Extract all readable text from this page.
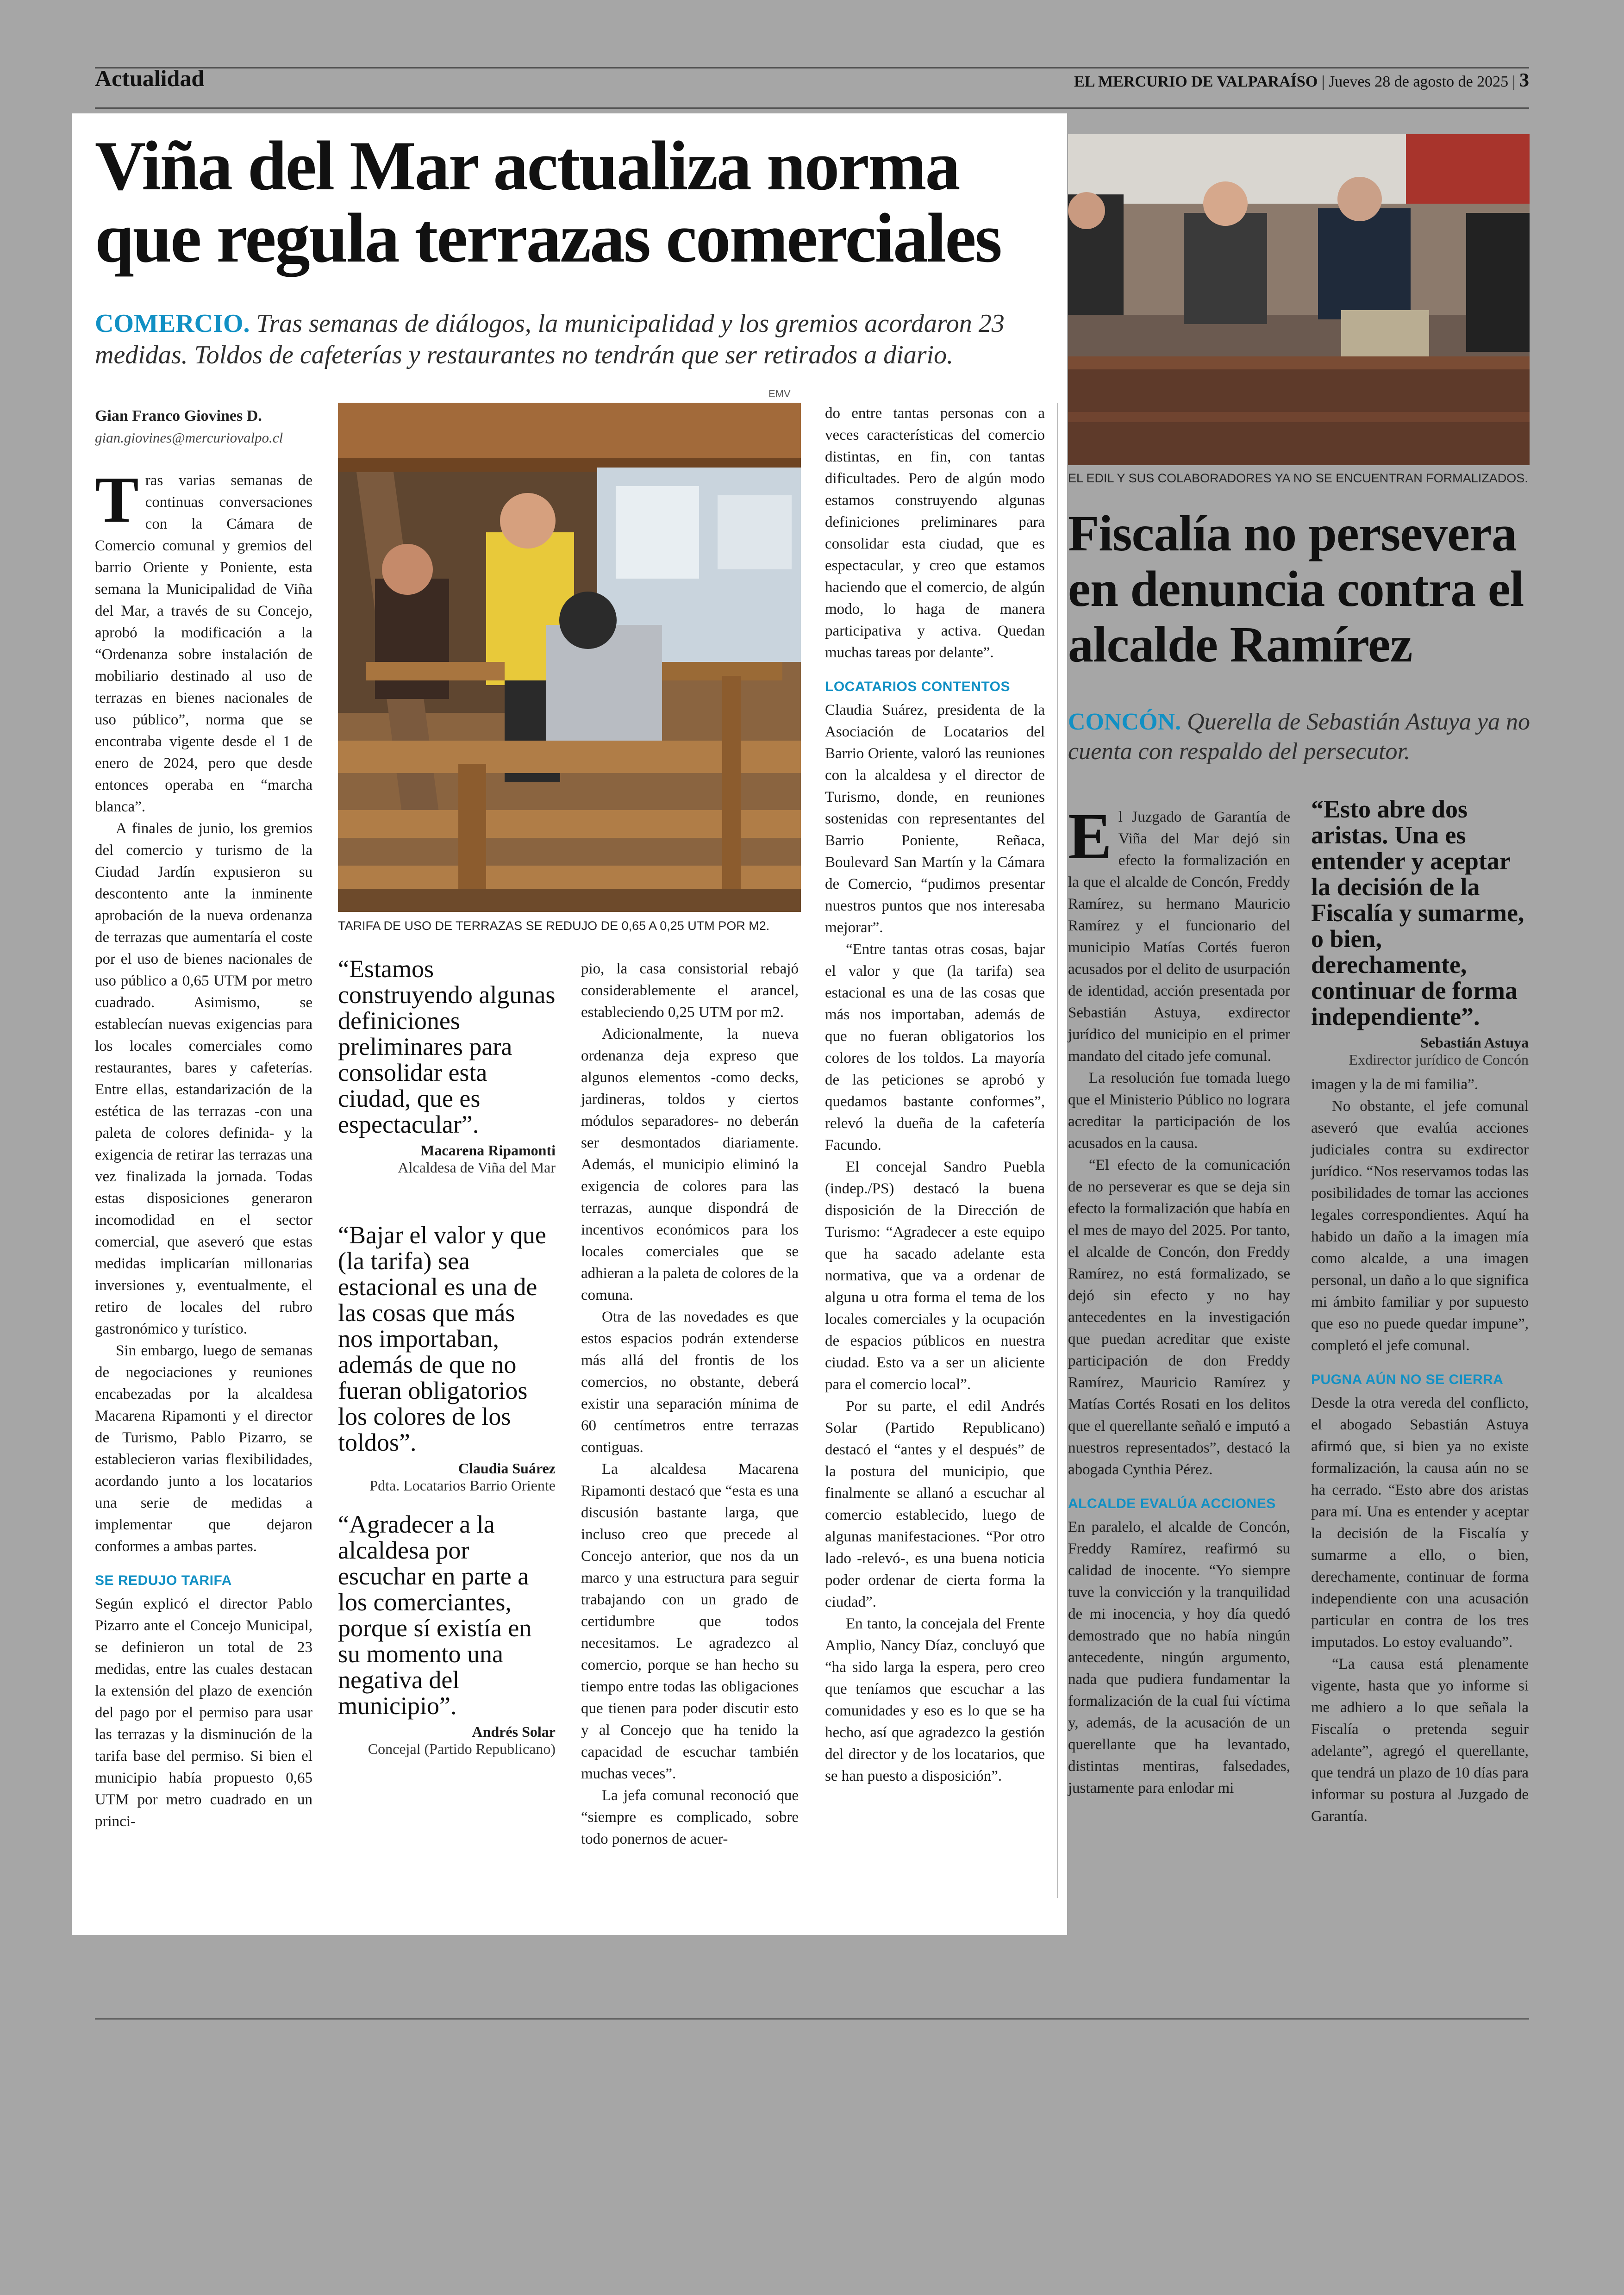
Actualidad	EL MERCURIO DE VALPARAÍSO | Jueves 28 de agosto de 2025 | 3
Viña del Mar actualiza norma que regula terrazas comerciales
COMERCIO. Tras semanas de diálogos, la municipalidad y los gremios acordaron 23 medidas. Toldos de cafeterías y restaurantes no tendrán que ser retirados a diario.
Gian Franco Giovines D.
gian.giovines@mercuriovalpo.cl

Tras varias semanas de continuas conversaciones con la Cámara de Comercio comunal y gremios del barrio Oriente y Poniente, esta semana la Municipalidad de Viña del Mar, a través de su Concejo, aprobó la modificación a la “Ordenanza sobre instalación de mobiliario destinado al uso de terrazas en bienes nacionales de uso público”, norma que se encontraba vigente desde el 1 de enero de 2024, pero que desde entonces operaba en “marcha blanca”.

A finales de junio, los gremios del comercio y turismo de la Ciudad Jardín expusieron su descontento ante la inminente aprobación de la nueva ordenanza de terrazas que aumentaría el coste por el uso de bienes nacionales de uso público a 0,65 UTM por metro cuadrado. Asimismo, se establecían nuevas exigencias para los locales comerciales como restaurantes, bares y cafeterías. Entre ellas, estandarización de la estética de las terrazas -con una paleta de colores definida- y la exigencia de retirar las terrazas una vez finalizada la jornada. Todas estas disposiciones generaron incomodidad en el sector comercial, que aseveró que estas medidas implicarían millonarias inversiones y, eventualmente, el retiro de locales del rubro gastronómico y turístico.

Sin embargo, luego de semanas de negociaciones y reuniones encabezadas por la alcaldesa Macarena Ripamonti y el director de Turismo, Pablo Pizarro, se establecieron varias flexibilidades, acordando junto a los locatarios una serie de medidas a implementar que dejaron conformes a ambas partes.

SE REDUJO TARIFA

Según explicó el director Pablo Pizarro ante el Concejo Municipal, se definieron un total de 23 medidas, entre las cuales destacan la extensión del plazo de exención del pago por el permiso para usar las terrazas y la disminución de la tarifa base del permiso. Si bien el municipio había propuesto 0,65 UTM por metro cuadrado en un princi-

EMV
TARIFA DE USO DE TERRAZAS SE REDUJO DE 0,65 A 0,25 UTM POR M2.
“Estamos construyendo algunas definiciones preliminares para consolidar esta ciudad, que es espectacular”.
Macarena Ripamonti
Alcaldesa de Viña del Mar
“Bajar el valor y que (la tarifa) sea estacional es una de las cosas que más nos importaban, además de que no fueran obligatorios los colores de los toldos”.
Claudia Suárez
Pdta. Locatarios Barrio Oriente
“Agradecer a la alcaldesa por escuchar en parte a los comerciantes, porque sí existía en su momento una negativa del municipio”.
Andrés Solar
Concejal (Partido Republicano)

pio, la casa consistorial rebajó considerablemente el arancel, estableciendo 0,25 UTM por m2.

Adicionalmente, la nueva ordenanza deja expreso que algunos elementos -como decks, jardineras, toldos y ciertos módulos separadores- no deberán ser desmontados diariamente. Además, el municipio eliminó la exigencia de colores para las terrazas, aunque dispondrá de incentivos económicos para los locales comerciales que se adhieran a la paleta de colores de la comuna.

Otra de las novedades es que estos espacios podrán extenderse más allá del frontis de los comercios, no obstante, deberá existir una separación mínima de 60 centímetros entre terrazas contiguas.

La alcaldesa Macarena Ripamonti destacó que “esta es una discusión bastante larga, que incluso creo que precede al Concejo anterior, que nos da un marco y una estructura para seguir trabajando con un grado de certidumbre que todos necesitamos. Le agradezco al comercio, porque se han hecho su tiempo entre todas las obligaciones que tienen para poder discutir esto y al Concejo que ha tenido la capacidad de escuchar también muchas veces”.

La jefa comunal reconoció que “siempre es complicado, sobre todo ponernos de acuer-

do entre tantas personas con a veces características del comercio distintas, en fin, con tantas dificultades. Pero de algún modo estamos construyendo algunas definiciones preliminares para consolidar esta ciudad, que es espectacular, y creo que estamos haciendo que el comercio, de algún modo, lo haga de manera participativa y activa. Quedan muchas tareas por delante”.

LOCATARIOS CONTENTOS

Claudia Suárez, presidenta de la Asociación de Locatarios del Barrio Oriente, valoró las reuniones con la alcaldesa y el director de Turismo, donde, en reuniones sostenidas con representantes del Barrio Poniente, Reñaca, Boulevard San Martín y la Cámara de Comercio, “pudimos presentar nuestros puntos que nos interesaba mejorar”.

“Entre tantas otras cosas, bajar el valor y que (la tarifa) sea estacional es una de las cosas que más nos importaban, además de que no fueran obligatorios los colores de los toldos. La mayoría de las peticiones se aprobó y quedamos bastante conformes”, relevó la dueña de la cafetería Facundo.

El concejal Sandro Puebla (indep./PS) destacó la buena disposición de la Dirección de Turismo: “Agradecer a este equipo que ha sacado adelante esta normativa, que va a ordenar de alguna u otra forma el tema de los locales comerciales y la ocupación de espacios públicos en nuestra ciudad. Esto va a ser un aliciente para el comercio local”.

Por su parte, el edil Andrés Solar (Partido Republicano) destacó el “antes y el después” de la postura del municipio, que finalmente se allanó a escuchar al comercio establecido, luego de algunas manifestaciones. “Por otro lado -relevó-, es una buena noticia poder ordenar de cierta forma la ciudad”.

En tanto, la concejala del Frente Amplio, Nancy Díaz, concluyó que “ha sido larga la espera, pero creo que teníamos que escuchar a las comunidades y eso es lo que se ha hecho, así que agradezco la gestión del director y de los locatarios, que se han puesto a disposición”.

EL EDIL Y SUS COLABORADORES YA NO SE ENCUENTRAN FORMALIZADOS.
Fiscalía no persevera en denuncia contra el alcalde Ramírez
CONCÓN. Querella de Sebastián Astuya ya no cuenta con respaldo del persecutor.

El Juzgado de Garantía de Viña del Mar dejó sin efecto la formalización en la que el alcalde de Concón, Freddy Ramírez, su hermano Mauricio Ramírez y el funcionario del municipio Matías Cortés fueron acusados por el delito de usurpación de identidad, acción presentada por Sebastián Astuya, exdirector jurídico del municipio en el primer mandato del citado jefe comunal.

La resolución fue tomada luego que el Ministerio Público no lograra acreditar la participación de los acusados en la causa.

“El efecto de la comunicación de no perseverar es que se deja sin efecto la formalización que había en el mes de mayo del 2025. Por tanto, el alcalde de Concón, don Freddy Ramírez, no está formalizado, se dejó sin efecto y no hay antecedentes en la investigación que puedan acreditar que existe participación de don Freddy Ramírez, Mauricio Ramírez y Matías Cortés Rosati en los delitos que el querellante señaló e imputó a nuestros representados”, destacó la abogada Cynthia Pérez.

ALCALDE EVALÚA ACCIONES

En paralelo, el alcalde de Concón, Freddy Ramírez, reafirmó su calidad de inocente. “Yo siempre tuve la convicción y la tranquilidad de mi inocencia, y hoy día quedó demostrado que no había ningún antecedente, ningún argumento, nada que pudiera fundamentar la formalización de la cual fui víctima y, además, de la acusación de un querellante que ha levantado, distintas mentiras, falsedades, justamente para enlodar mi

“Esto abre dos aristas. Una es entender y aceptar la decisión de la Fiscalía y sumarme, o bien, derechamente, continuar de forma independiente”.
Sebastián Astuya
Exdirector jurídico de Concón

imagen y la de mi familia”.

No obstante, el jefe comunal aseveró que evalúa acciones judiciales contra su exdirector jurídico. “Nos reservamos todas las posibilidades de tomar las acciones legales correspondientes. Aquí ha habido un daño a la imagen mía como alcalde, a una imagen personal, un daño a lo que significa mi ámbito familiar y por supuesto que eso no puede quedar impune”, completó el jefe comunal.

PUGNA AÚN NO SE CIERRA

Desde la otra vereda del conflicto, el abogado Sebastián Astuya afirmó que, si bien ya no existe formalización, la causa aún no se ha cerrado. “Esto abre dos aristas para mí. Una es entender y aceptar la decisión de la Fiscalía y sumarme a ello, o bien, derechamente, continuar de forma independiente con una acusación particular en contra de los tres imputados. Lo estoy evaluando”.

“La causa está plenamente vigente, hasta que yo informe si me adhiero a lo que señala la Fiscalía o pretenda seguir adelante”, agregó el querellante, que tendrá un plazo de 10 días para informar su postura al Juzgado de Garantía.
